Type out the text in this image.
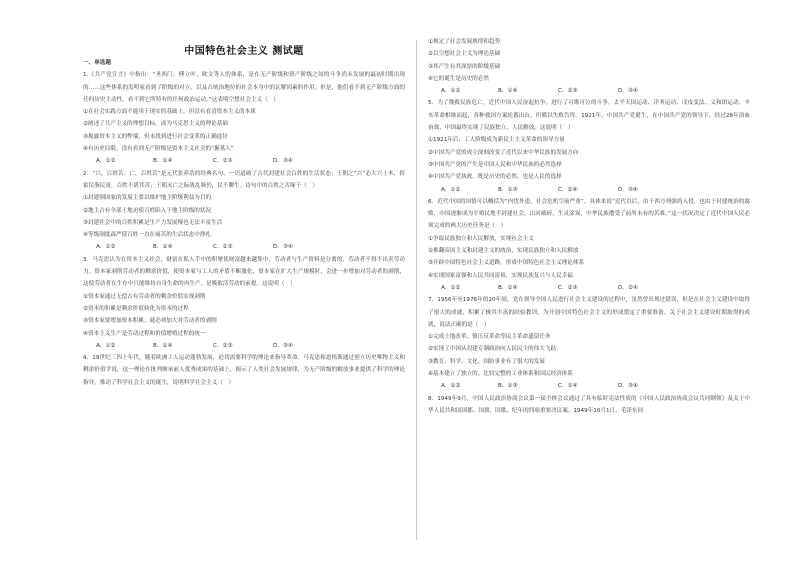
中国特色社会主义 测试题
一、单选题

1.《共产党宣言》中指出：“圣西门、傅立叶、欧文等人的体系，是在无产阶级和资产阶级之间的斗争尚未发展的最初时期出现的……这些体系的发明家看到了阶级的对立，以及占统治地位的社会本身中的瓦解因素的作用。但是，他们看不到无产阶级方面的任何历史主动性，看不到它所特有的任何政治运动。”这表明空想社会主义（　）

①在社会实践方面不能用于现实的基础上，但没有看清资本主义的本质

②阐述了共产主义的理想目标，成为马克思主义的理论基础

③揭露资本主义的弊端，但未找到进行社会变革的正确途径

④有历史局限，没有看到无产阶级是资本主义社会的“掘墓人”

A．①②	B．①④	C．②③	D．③④

2．“兴，百姓苦；亡，百姓苦”是元代张养浩的经典名句，一语道破了古代封建社会百姓的生活状态；王朝之“兴”必大兴土木，挥霍民脂民膏，百姓不堪其苦；王朝灭亡之际战乱频仍，民不聊生。诗句中的百姓之苦缘于（　）

①封建制国家的发展主要以维护地主阶级利益为目的

②地主占有全部土地迫使百姓陷入于地主阶级的状况

③封建社会中的百姓积累是生产力发展慢也无法丰富生活

④等级制度森严使百姓一直在痛苦的生活状态中挣扎

A．①②	B．①④	C．②③	D．③④

3．马克思认为在资本主义社会，财富在私人手中的积聚使财富越来越集中，劳动者与生产资料是分离的，劳动者不得不出卖劳动力。资本家剥削劳动者的剩余价值，使资本家与工人的矛盾不断激化，资本家在扩大生产规模时，会进一步增加对劳动者的剥削，这使劳动者在生存中只能维持自身生命的再生产，是吸取活劳动的前提。这说明（　）

①资本家通过无偿占有劳动者的剩余价值实现剥削

②资本的积累是剩余价值转化为资本的过程

③资本家要增加资本积累，就必须加大对劳动者的剥削

④资本主义生产是劳动过程和价值增殖过程的统一

A．①②	B．①④	C．②③	D．③④

4．19世纪三四十年代，随着欧洲工人运动蓬勃发展，迫切需要科学的理论来指导革命。马克思和恩格斯通过创立历史唯物主义和剩余价值学说，这一理论在批判继承前人优秀成果的基础上，揭示了人类社会发展规律，为无产阶级的解放事业提供了科学的理论指导，推动了科学社会主义的诞生，说明科学社会主义（　）

①规定了社会发展规律和趋势

②以空想社会主义为理论基础

③其产生有其深厚的阶级基础

④它的诞生是历史的必然

A．①②	B．①④	C．②③	D．③④

5．为了挽救民族危亡，近代中国人民奋起抗争，进行了可歌可泣的斗争。太平天国运动、洋务运动、戊戌变法、义和团运动、辛亥革命相继而起，各种救国方案轮番出台，但都以失败告终。1921年，中国共产党诞生，在中国共产党的领导下，经过28年浴血奋战，中国最终实现了民族独立、人民解放。这说明（　）

①1921年后，工人阶级成为新民主主义革命的领导力量

②中国共产党的成立深刻改变了近代以来中华民族的发展方向

③中国共产党的产生是中国人民和中华民族的必然选择

④中国共产党执政，既是历史的必然，也是人民的选择

A．①②	B．①③	C．②④	D．③④

6．近代中国的国情可以概括为“内忧外患，社会危机空前严重”。具体来说“近代以后，由于西方列强的入侵，也由于封建统治的腐败，中国逐渐成为半殖民地半封建社会，山河破碎，生灵涂炭，中华民族遭受了前所未有的苦难。”这一状况决定了近代中国人民必须完成的两大历史任务是（　）

①争取民族独立和人民解放，实现社会主义

②推翻帝国主义和封建主义的统治，实现民族独立和人民解放

③开辟中国特色社会主义道路，形成中国特色社会主义理论体系

④实现国家富强和人民共同富裕，实现民族复兴与人民幸福

A．①②	B．①④	C．②③	D．②④

7．1956年至1976年的20年间，党在领导全国人民进行社会主义建设的过程中，虽然曾出现过错误，但是在社会主义建设中取得了很大的成就，积累了极其丰富的经验教训，为开创中国特色社会主义的形成奠定了重要准备。关于社会主义建设时期取得的成就，说法正确的是（　）

①完成土地改革、镇压反革命等民主革命遗留任务

②实现了中国从封建专制政治向人民民主的伟大飞跃

③教育、科学、文化、国防事业有了很大的发展

④基本建立了独立的、比较完整的工业体系和国民经济体系

A．①②	B．①③	C．②④	D．③④

8．1949年9月，中国人民政治协商会议第一届全体会议通过了具有临时宪法性质的《中国人民政治协商会议共同纲领》及关于中华人民共和国国都、国旗、国歌、纪年的四项重要决议案。1949年10月1日，毛泽东同
